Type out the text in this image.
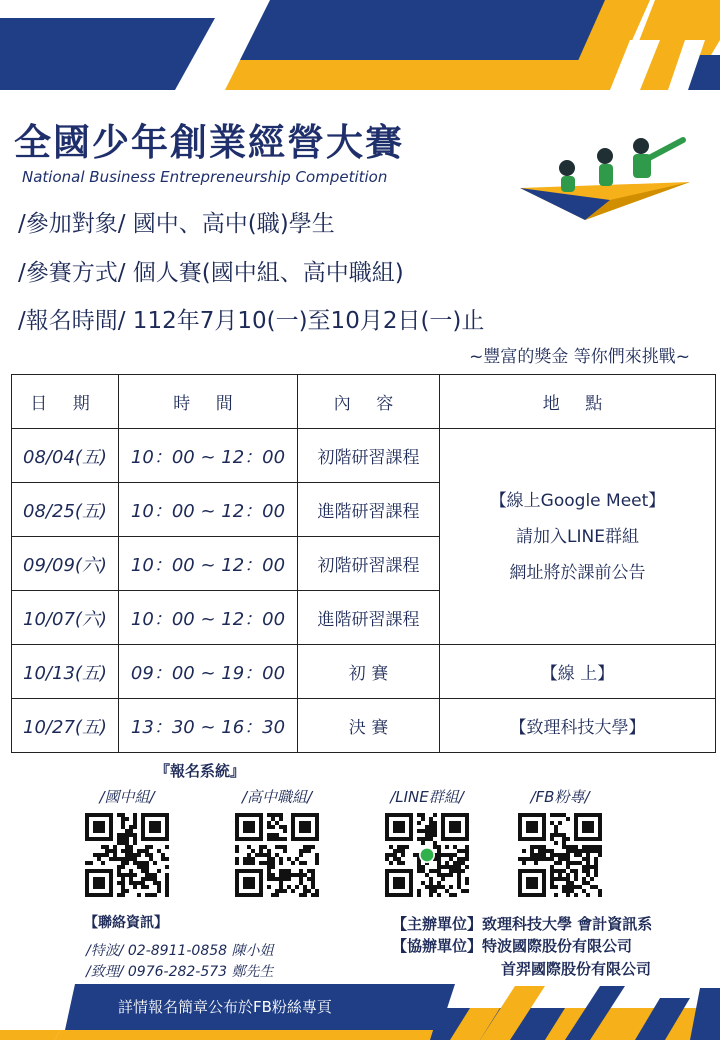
全國少年創業經營大賽
National Business Entrepreneurship Competition
/參加對象/ 國中、高中(職)學生
/參賽方式/ 個人賽(國中組、高中職組)
/報名時間/ 112年7月10(一)至10月2日(一)止
~豐富的獎金 等你們來挑戰~
日 期	時 間	內 容	地 點
08/04(五)	10：00 ~ 12：00	初階研習課程	【線上Google Meet】
請加入LINE群組
網址將於課前公告

08/25(五)	10：00 ~ 12：00	進階研習課程	
09/09(六)	10：00 ~ 12：00	初階研習課程	
10/07(六)	10：00 ~ 12：00	進階研習課程	
10/13(五)	09：00 ~ 19：00	初 賽	【線 上】
10/27(五)	13：30 ~ 16：30	決 賽	【致理科技大學】
『報名系統』
/國中組/	/高中職組/	/LINE群組/	/FB粉專/
【聯絡資訊】
/特波/ 02-8911-0858 陳小姐
/致理/ 0976-282-573 鄭先生
【主辦單位】致理科技大學 會計資訊系
【協辦單位】特波國際股份有限公司
首羿國際股份有限公司
詳情報名簡章公布於FB粉絲專頁
